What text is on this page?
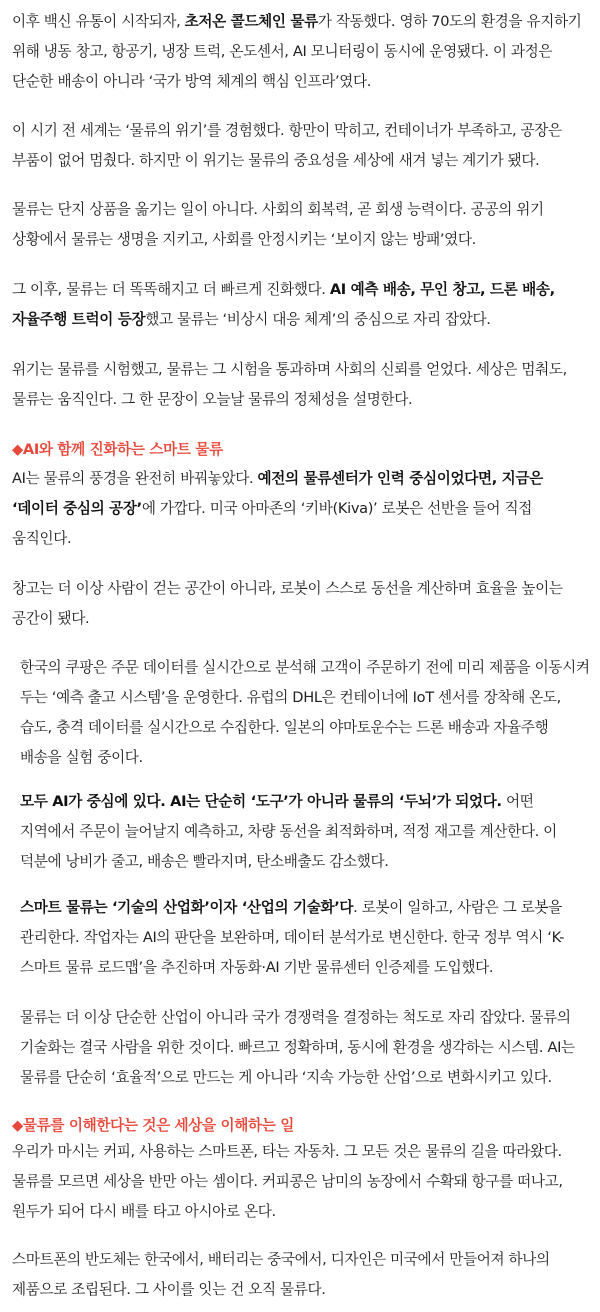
이후 백신 유통이 시작되자, 초저온 콜드체인 물류가 작동했다. 영하 70도의 환경을 유지하기 위해 냉동 창고, 항공기, 냉장 트럭, 온도센서, AI 모니터링이 동시에 운영됐다. 이 과정은 단순한 배송이 아니라 ‘국가 방역 체계의 핵심 인프라’였다.

이 시기 전 세계는 ‘물류의 위기’를 경험했다. 항만이 막히고, 컨테이너가 부족하고, 공장은 부품이 없어 멈췄다. 하지만 이 위기는 물류의 중요성을 세상에 새겨 넣는 계기가 됐다.

물류는 단지 상품을 옮기는 일이 아니다. 사회의 회복력, 곧 회생 능력이다. 공공의 위기 상황에서 물류는 생명을 지키고, 사회를 안정시키는 ‘보이지 않는 방패’였다.

그 이후, 물류는 더 똑똑해지고 더 빠르게 진화했다. AI 예측 배송, 무인 창고, 드론 배송, 자율주행 트럭이 등장했고 물류는 ‘비상시 대응 체계’의 중심으로 자리 잡았다.

위기는 물류를 시험했고, 물류는 그 시험을 통과하며 사회의 신뢰를 얻었다. 세상은 멈춰도, 물류는 움직인다. 그 한 문장이 오늘날 물류의 정체성을 설명한다.

◆AI와 함께 진화하는 스마트 물류

AI는 물류의 풍경을 완전히 바꿔놓았다. 예전의 물류센터가 인력 중심이었다면, 지금은 ‘데이터 중심의 공장’에 가깝다. 미국 아마존의 ‘키바(Kiva)’ 로봇은 선반을 들어 직접 움직인다.

창고는 더 이상 사람이 걷는 공간이 아니라, 로봇이 스스로 동선을 계산하며 효율을 높이는 공간이 됐다.

한국의 쿠팡은 주문 데이터를 실시간으로 분석해 고객이 주문하기 전에 미리 제품을 이동시켜 두는 ‘예측 출고 시스템’을 운영한다. 유럽의 DHL은 컨테이너에 IoT 센서를 장착해 온도, 습도, 충격 데이터를 실시간으로 수집한다. 일본의 야마토운수는 드론 배송과 자율주행 배송을 실험 중이다.

모두 AI가 중심에 있다. AI는 단순히 ‘도구’가 아니라 물류의 ‘두뇌’가 되었다. 어떤 지역에서 주문이 늘어날지 예측하고, 차량 동선을 최적화하며, 적정 재고를 계산한다. 이 덕분에 낭비가 줄고, 배송은 빨라지며, 탄소배출도 감소했다.

스마트 물류는 ‘기술의 산업화’이자 ‘산업의 기술화’다. 로봇이 일하고, 사람은 그 로봇을 관리한다. 작업자는 AI의 판단을 보완하며, 데이터 분석가로 변신한다. 한국 정부 역시 ‘K-스마트 물류 로드맵’을 추진하며 자동화·AI 기반 물류센터 인증제를 도입했다.

물류는 더 이상 단순한 산업이 아니라 국가 경쟁력을 결정하는 척도로 자리 잡았다. 물류의 기술화는 결국 사람을 위한 것이다. 빠르고 정확하며, 동시에 환경을 생각하는 시스템. AI는 물류를 단순히 ‘효율적’으로 만드는 게 아니라 ‘지속 가능한 산업’으로 변화시키고 있다.

◆물류를 이해한다는 것은 세상을 이해하는 일

우리가 마시는 커피, 사용하는 스마트폰, 타는 자동차. 그 모든 것은 물류의 길을 따라왔다. 물류를 모르면 세상을 반만 아는 셈이다. 커피콩은 남미의 농장에서 수확돼 항구를 떠나고, 원두가 되어 다시 배를 타고 아시아로 온다.

스마트폰의 반도체는 한국에서, 배터리는 중국에서, 디자인은 미국에서 만들어져 하나의 제품으로 조립된다. 그 사이를 잇는 건 오직 물류다.
